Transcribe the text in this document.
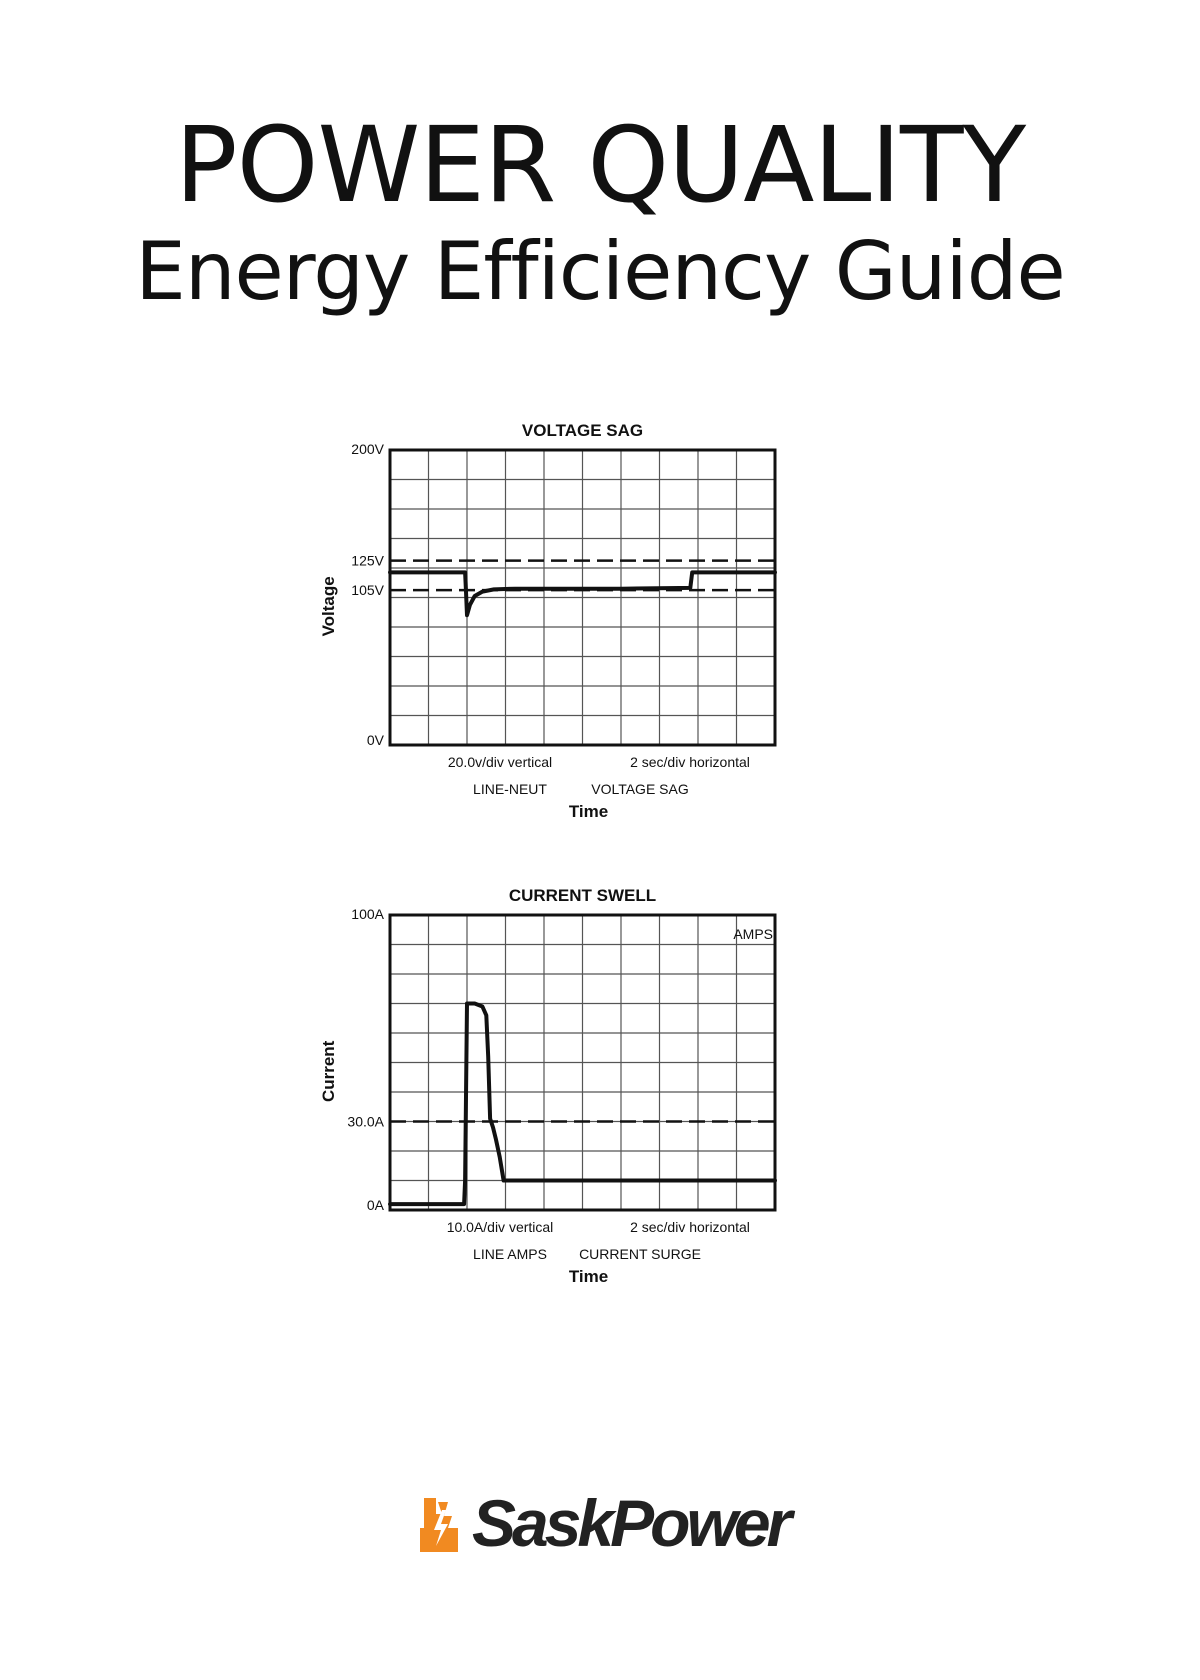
POWER QUALITY
Energy Efficiency Guide
VOLTAGE SAG
200V
125V
105V
0V
Voltage
20.0v/div vertical	2 sec/div horizontal
LINE-NEUT	VOLTAGE SAG
Time
CURRENT SWELL
100A
30.0A
0A
Current
10.0A/div vertical	2 sec/div horizontal
LINE AMPS CURRENT SURGE
Time
AMPS
SaskPower
